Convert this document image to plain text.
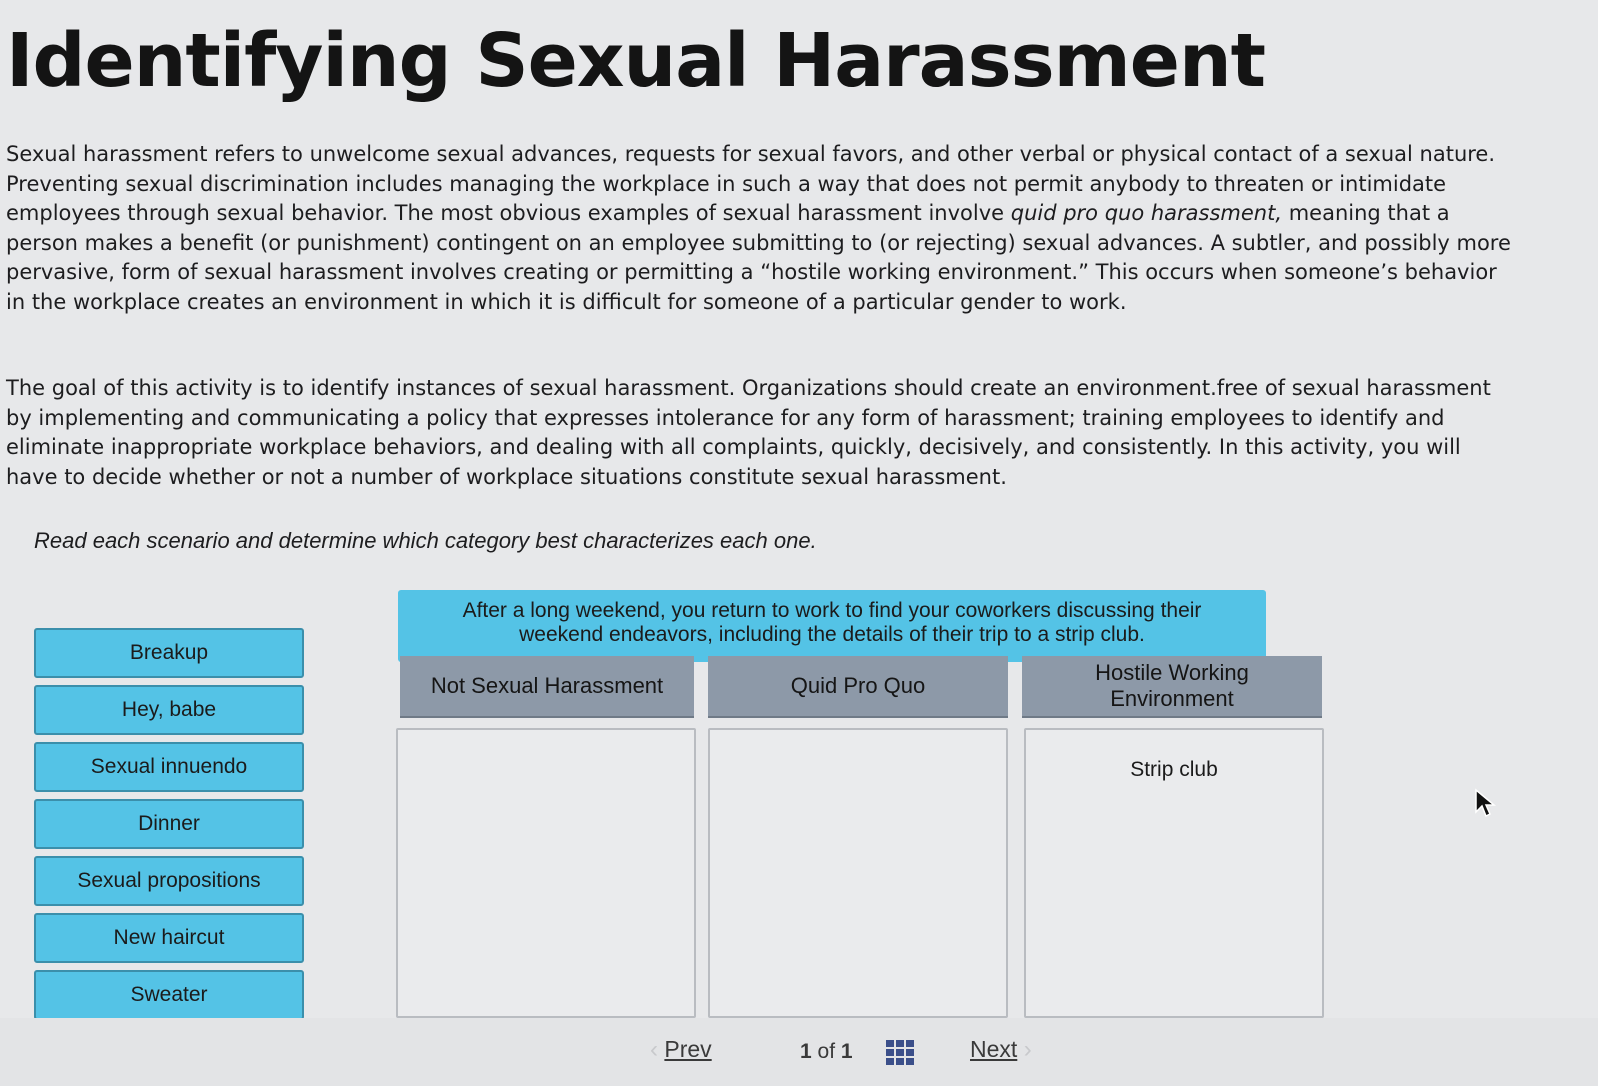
Identifying Sexual Harassment

Sexual harassment refers to unwelcome sexual advances, requests for sexual favors, and other verbal or physical contact of a sexual nature. Preventing sexual discrimination includes managing the workplace in such a way that does not permit anybody to threaten or intimidate employees through sexual behavior. The most obvious examples of sexual harassment involve quid pro quo harassment, meaning that a person makes a benefit (or punishment) contingent on an employee submitting to (or rejecting) sexual advances. A subtler, and possibly more pervasive, form of sexual harassment involves creating or permitting a “hostile working environment.” This occurs when someone’s behavior in the workplace creates an environment in which it is difficult for someone of a particular gender to work.

The goal of this activity is to identify instances of sexual harassment. Organizations should create an environment.free of sexual harassment by implementing and communicating a policy that expresses intolerance for any form of harassment; training employees to identify and eliminate inappropriate workplace behaviors, and dealing with all complaints, quickly, decisively, and consistently. In this activity, you will have to decide whether or not a number of workplace situations constitute sexual harassment.

Read each scenario and determine which category best characterizes each one.

Breakup
Hey, babe
Sexual innuendo
Dinner
Sexual propositions
New haircut
Sweater
After a long weekend, you return to work to find your coworkers discussing their weekend endeavors, including the details of their trip to a strip club.
Not Sexual Harassment	Quid Pro Quo
Hostile Working Environment
Strip club
‹ Prev	1 of 1	Next ›
